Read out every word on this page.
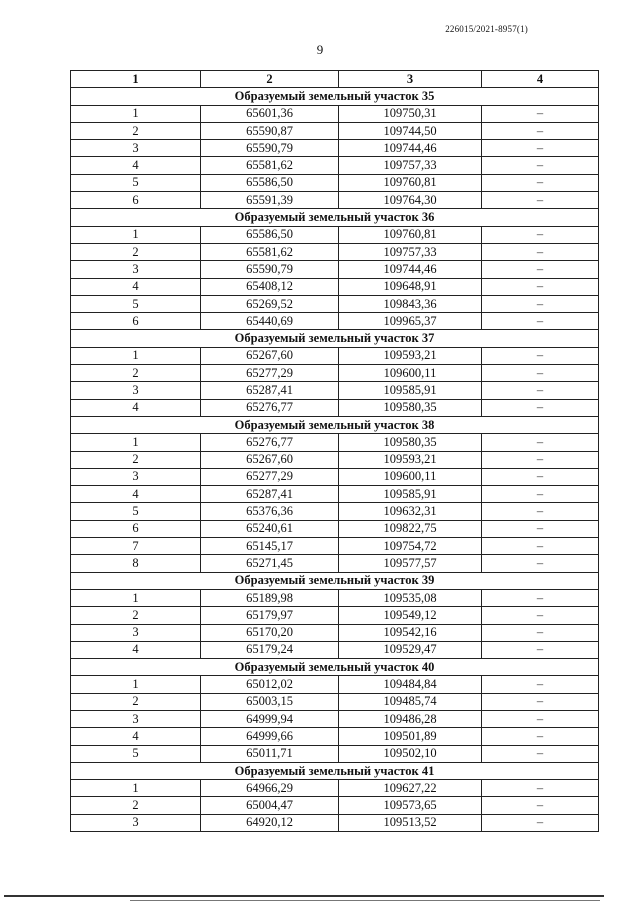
226015/2021-8957(1)
9
1	2	3	4
Образуемый земельный участок 35			
1	65601,36	109750,31	–
2	65590,87	109744,50	–
3	65590,79	109744,46	–
4	65581,62	109757,33	–
5	65586,50	109760,81	–
6	65591,39	109764,30	–
Образуемый земельный участок 36			
1	65586,50	109760,81	–
2	65581,62	109757,33	–
3	65590,79	109744,46	–
4	65408,12	109648,91	–
5	65269,52	109843,36	–
6	65440,69	109965,37	–
Образуемый земельный участок 37			
1	65267,60	109593,21	–
2	65277,29	109600,11	–
3	65287,41	109585,91	–
4	65276,77	109580,35	–
Образуемый земельный участок 38			
1	65276,77	109580,35	–
2	65267,60	109593,21	–
3	65277,29	109600,11	–
4	65287,41	109585,91	–
5	65376,36	109632,31	–
6	65240,61	109822,75	–
7	65145,17	109754,72	–
8	65271,45	109577,57	–
Образуемый земельный участок 39			
1	65189,98	109535,08	–
2	65179,97	109549,12	–
3	65170,20	109542,16	–
4	65179,24	109529,47	–
Образуемый земельный участок 40			
1	65012,02	109484,84	–
2	65003,15	109485,74	–
3	64999,94	109486,28	–
4	64999,66	109501,89	–
5	65011,71	109502,10	–
Образуемый земельный участок 41			
1	64966,29	109627,22	–
2	65004,47	109573,65	–
3	64920,12	109513,52	–
